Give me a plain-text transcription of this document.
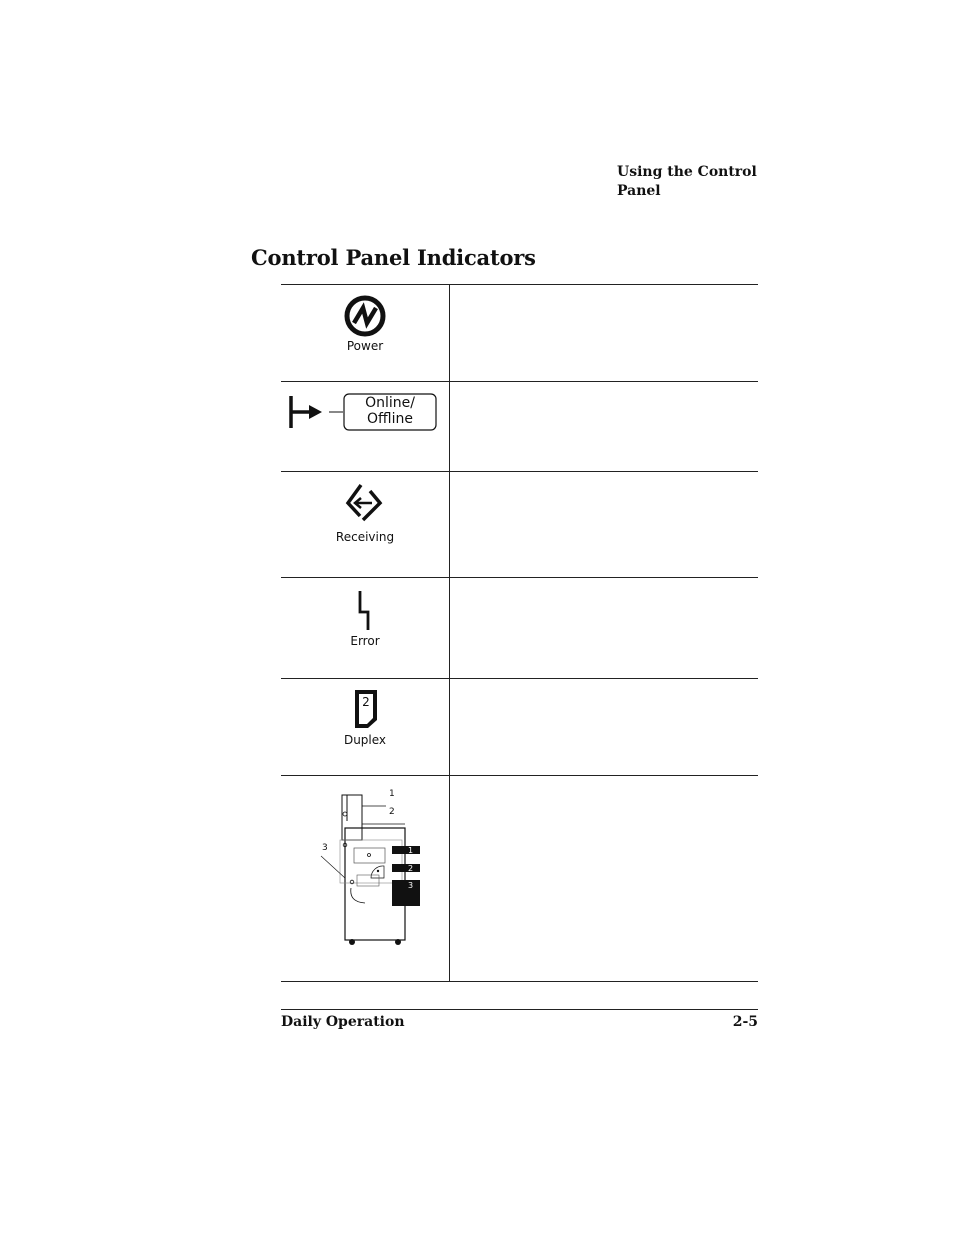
Using the Control Panel
Control Panel Indicators
Power
Online/
Offline
Receiving
Error
2
Duplex
1
2
3	1
2
3
Daily Operation	2-5
